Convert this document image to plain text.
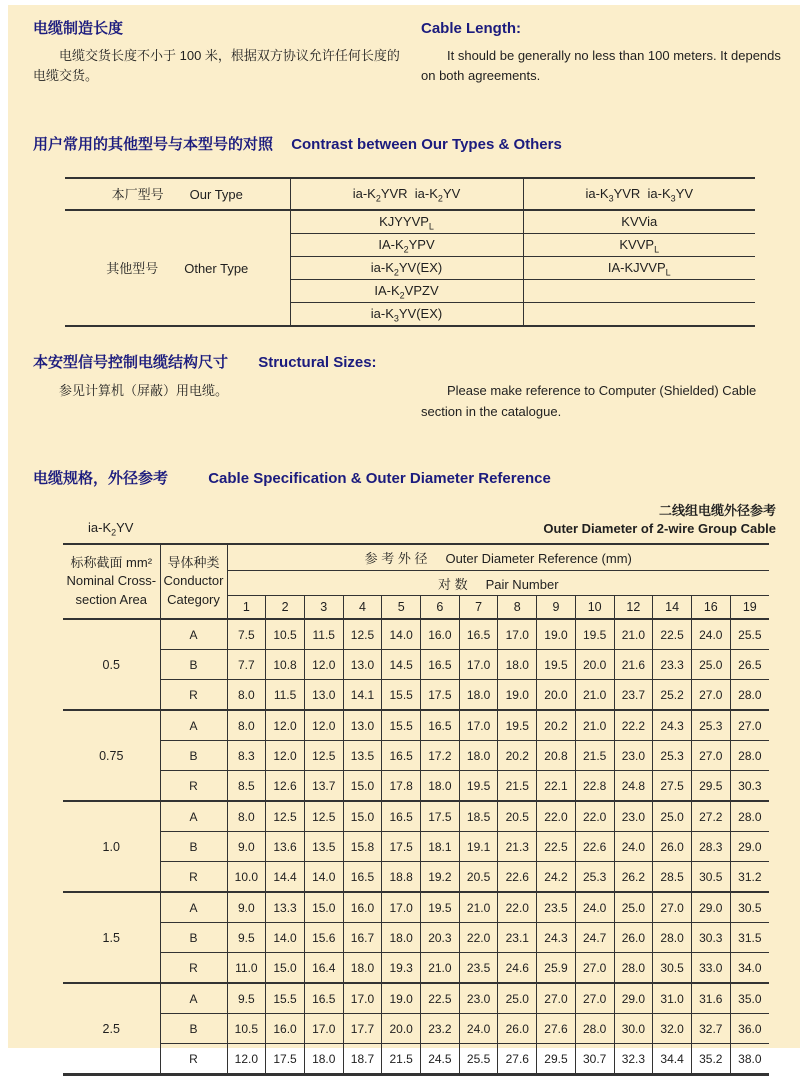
电缆制造长度

电缆交货长度不小于 100 米，根据双方协议允许任何长度的电缆交货。

Cable Length:

It should be generally no less than 100 meters. It depends on both agreements.

用户常用的其他型号与本型号的对照 Contrast between Our Types & Others
本厂型号 Our Type	$ia-K_2YVR$  $ia-K_2YV$	$ia-K_3YVR$  $ia-K_3YV$
其他型号 Other Type	$KJYYVP_L$	KVVia
	$IA-K_2YPV$	$KVVP_L$
	$ia-K_2YV(EX)$	$IA-KJVVP_L$
	$IA-K_2VPZV$	
	$ia-K_3YV(EX)$	
本安型信号控制电缆结构尺寸 Structural Sizes:

参见计算机（屏蔽）用电缆。	Please make reference to Computer (Shielded) Cable section in the catalogue.

电缆规格，外径参考	Cable Specification & Outer Diameter Reference
$ia-K_2YV$
二线组电缆外径参考
Outer Diameter of 2-wire Group Cable
标称截面 mm²
Nominal Cross-
section Area

导体种类
Conductor
Category
	参 考 外 径 Outer Diameter Reference (mm)
		对 数 Pair Number													
		1	2	3	4	5	6	7	8	9	10	12	14	16	19
0.5	A	7.5	10.5	11.5	12.5	14.0	16.0	16.5	17.0	19.0	19.5	21.0	22.5	24.0	25.5
	B	7.7	10.8	12.0	13.0	14.5	16.5	17.0	18.0	19.5	20.0	21.6	23.3	25.0	26.5
	R	8.0	11.5	13.0	14.1	15.5	17.5	18.0	19.0	20.0	21.0	23.7	25.2	27.0	28.0
0.75	A	8.0	12.0	12.0	13.0	15.5	16.5	17.0	19.5	20.2	21.0	22.2	24.3	25.3	27.0
	B	8.3	12.0	12.5	13.5	16.5	17.2	18.0	20.2	20.8	21.5	23.0	25.3	27.0	28.0
	R	8.5	12.6	13.7	15.0	17.8	18.0	19.5	21.5	22.1	22.8	24.8	27.5	29.5	30.3
1.0	A	8.0	12.5	12.5	15.0	16.5	17.5	18.5	20.5	22.0	22.0	23.0	25.0	27.2	28.0
	B	9.0	13.6	13.5	15.8	17.5	18.1	19.1	21.3	22.5	22.6	24.0	26.0	28.3	29.0
	R	10.0	14.4	14.0	16.5	18.8	19.2	20.5	22.6	24.2	25.3	26.2	28.5	30.5	31.2
1.5	A	9.0	13.3	15.0	16.0	17.0	19.5	21.0	22.0	23.5	24.0	25.0	27.0	29.0	30.5
	B	9.5	14.0	15.6	16.7	18.0	20.3	22.0	23.1	24.3	24.7	26.0	28.0	30.3	31.5
	R	11.0	15.0	16.4	18.0	19.3	21.0	23.5	24.6	25.9	27.0	28.0	30.5	33.0	34.0
2.5	A	9.5	15.5	16.5	17.0	19.0	22.5	23.0	25.0	27.0	27.0	29.0	31.0	31.6	35.0
	B	10.5	16.0	17.0	17.7	20.0	23.2	24.0	26.0	27.6	28.0	30.0	32.0	32.7	36.0
	R	12.0	17.5	18.0	18.7	21.5	24.5	25.5	27.6	29.5	30.7	32.3	34.4	35.2	38.0
